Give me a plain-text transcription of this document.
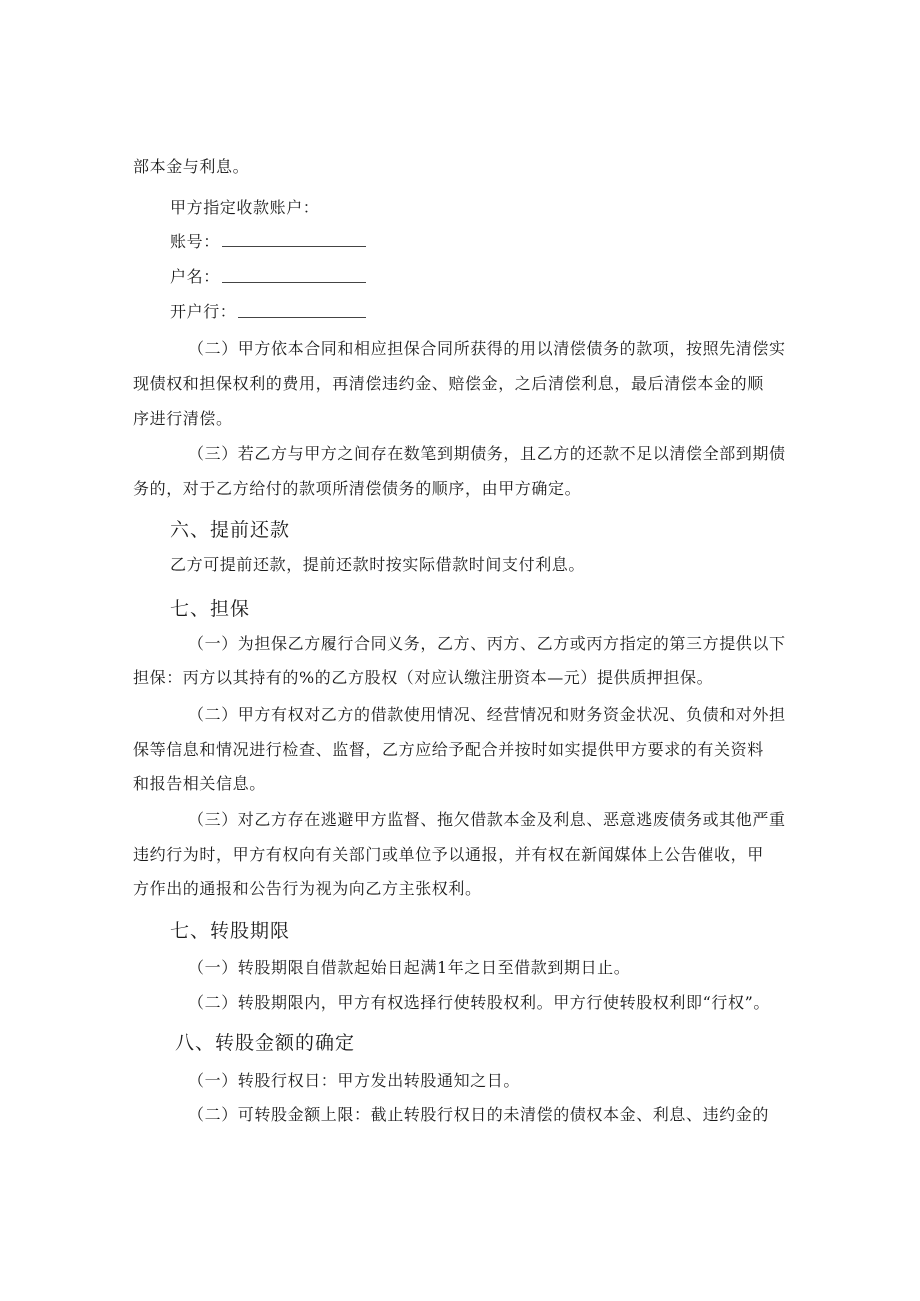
部本金与利息。
甲方指定收款账户：
账号：
户名：
开户行：
（二）甲方依本合同和相应担保合同所获得的用以清偿债务的款项，按照先清偿实
现债权和担保权利的费用，再清偿违约金、赔偿金，之后清偿利息，最后清偿本金的顺
序进行清偿。
（三）若乙方与甲方之间存在数笔到期债务，且乙方的还款不足以清偿全部到期债
务的，对于乙方给付的款项所清偿债务的顺序，由甲方确定。
六、提前还款
乙方可提前还款，提前还款时按实际借款时间支付利息。
七、担保
（一）为担保乙方履行合同义务，乙方、丙方、乙方或丙方指定的第三方提供以下
担保：丙方以其持有的%的乙方股权（对应认缴注册资本—元）提供质押担保。
（二）甲方有权对乙方的借款使用情况、经营情况和财务资金状况、负债和对外担
保等信息和情况进行检查、监督，乙方应给予配合并按时如实提供甲方要求的有关资料
和报告相关信息。
（三）对乙方存在逃避甲方监督、拖欠借款本金及利息、恶意逃废债务或其他严重
违约行为时，甲方有权向有关部门或单位予以通报，并有权在新闻媒体上公告催收，甲
方作出的通报和公告行为视为向乙方主张权利。
七、转股期限
（一）转股期限自借款起始日起满1年之日至借款到期日止。
（二）转股期限内，甲方有权选择行使转股权利。甲方行使转股权利即“行权”。
八、转股金额的确定
（一）转股行权日：甲方发出转股通知之日。
（二）可转股金额上限：截止转股行权日的未清偿的债权本金、利息、违约金的
